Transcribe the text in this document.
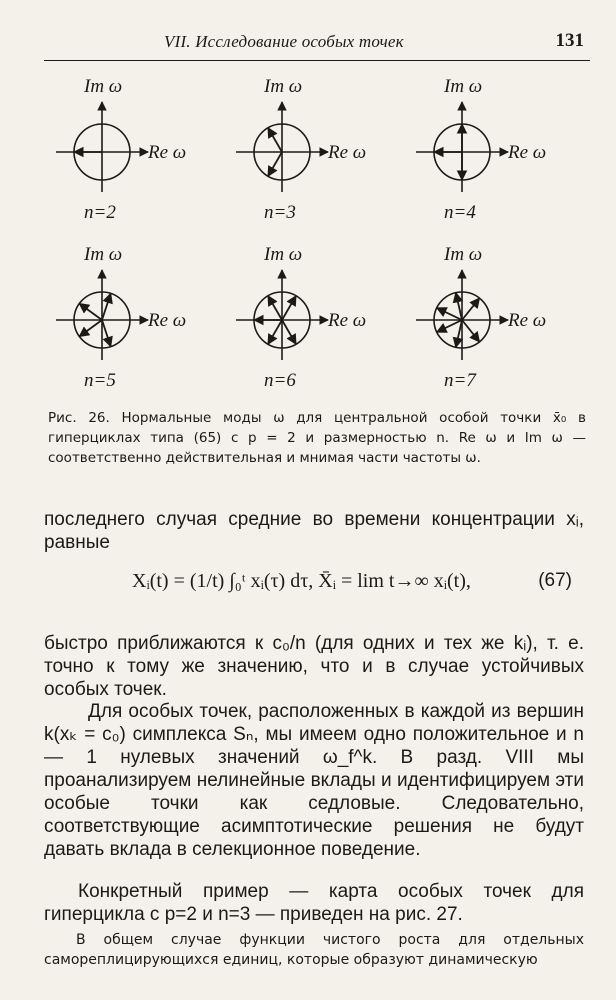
VII. Исследование особых точек	131
Im ω
Re ω
n=2
Im ω
Re ω
n=3
Im ω
Re ω
n=4
Im ω
Re ω
n=5
Im ω
Re ω
n=6
Im ω
Re ω
n=7
Рис. 26. Нормальные моды ω для центральной особой точки x̄₀ в гиперциклах типа (65) с p = 2 и размерностью n. Re ω и Im ω — соответственно действительная и мнимая части частоты ω.
последнего случая средние во времени концентрации xᵢ, равные
Xᵢ(t) = (1/t) ∫₀ᵗ xᵢ(τ) dτ, X̄ᵢ = lim t→∞ xᵢ(t),	(67)
быстро приближаются к c₀/n (для одних и тех же kᵢ), т. е. точно к тому же значению, что и в случае устойчивых особых точек.
Для особых точек, расположенных в каждой из вершин k(xₖ = c₀) симплекса Sₙ, мы имеем одно положительное и n — 1 нулевых значений ω_f^k. В разд. VIII мы проанализируем нелинейные вклады и идентифицируем эти особые точки как седловые. Следовательно, соответствующие асимптотические решения не будут давать вклада в селекционное поведение.
Конкретный пример — карта особых точек для гиперцикла с p=2 и n=3 — приведен на рис. 27.
В общем случае функции чистого роста для отдельных самореплицирующихся единиц, которые образуют динамическую
